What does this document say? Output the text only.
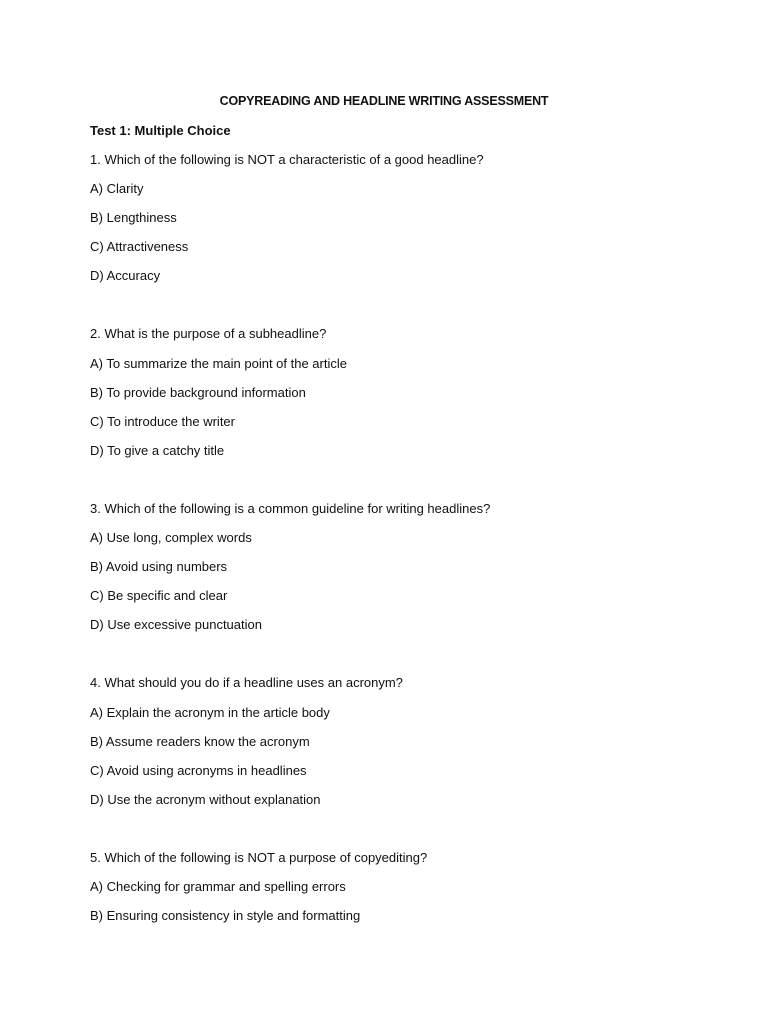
COPYREADING AND HEADLINE WRITING ASSESSMENT

Test 1: Multiple Choice

1. Which of the following is NOT a characteristic of a good headline?

A) Clarity

B) Lengthiness

C) Attractiveness

D) Accuracy

2. What is the purpose of a subheadline?

A) To summarize the main point of the article

B) To provide background information

C) To introduce the writer

D) To give a catchy title

3. Which of the following is a common guideline for writing headlines?

A) Use long, complex words

B) Avoid using numbers

C) Be specific and clear

D) Use excessive punctuation

4. What should you do if a headline uses an acronym?

A) Explain the acronym in the article body

B) Assume readers know the acronym

C) Avoid using acronyms in headlines

D) Use the acronym without explanation

5. Which of the following is NOT a purpose of copyediting?

A) Checking for grammar and spelling errors

B) Ensuring consistency in style and formatting
